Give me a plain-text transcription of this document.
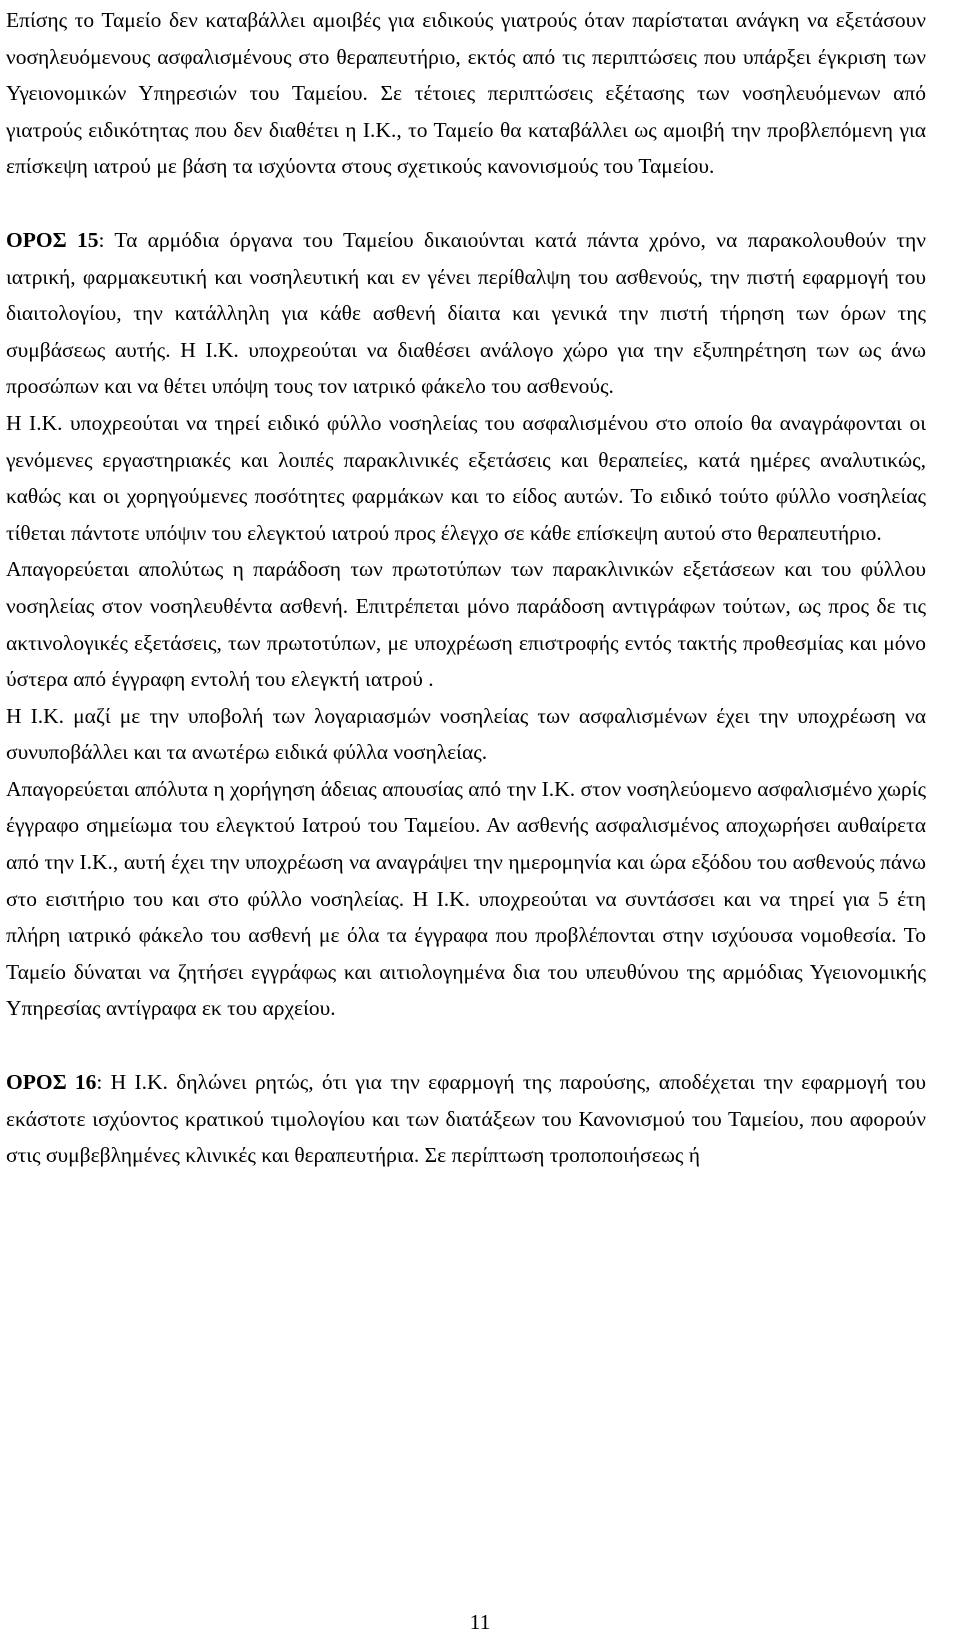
Επίσης το Ταμείο δεν καταβάλλει αμοιβές για ειδικούς γιατρούς όταν παρίσταται ανάγκη να εξετάσουν νοσηλευόμενους ασφαλισμένους στο θεραπευτήριο, εκτός από τις περιπτώσεις που υπάρξει έγκριση των Υγειονομικών Υπηρεσιών του Ταμείου. Σε τέτοιες περιπτώσεις εξέτασης των νοσηλευόμενων από γιατρούς ειδικότητας που δεν διαθέτει η Ι.Κ., το Ταμείο θα καταβάλλει ως αμοιβή την προβλεπόμενη για επίσκεψη ιατρού με βάση τα ισχύοντα στους σχετικούς κανονισμούς του Ταμείου.

ΟΡΟΣ 15: Τα αρμόδια όργανα του Ταμείου δικαιούνται κατά πάντα χρόνο, να παρακολουθούν την ιατρική, φαρμακευτική και νοσηλευτική και εν γένει περίθαλψη του ασθενούς, την πιστή εφαρμογή του διαιτολογίου, την κατάλληλη για κάθε ασθενή δίαιτα και γενικά την πιστή τήρηση των όρων της συμβάσεως αυτής. Η Ι.Κ. υποχρεούται να διαθέσει ανάλογο χώρο για την εξυπηρέτηση των ως άνω προσώπων και να θέτει υπόψη τους τον ιατρικό φάκελο του ασθενούς.

Η Ι.Κ. υποχρεούται να τηρεί ειδικό φύλλο νοσηλείας του ασφαλισμένου στο οποίο θα αναγράφονται οι γενόμενες εργαστηριακές και λοιπές παρακλινικές εξετάσεις και θεραπείες, κατά ημέρες αναλυτικώς, καθώς και οι χορηγούμενες ποσότητες φαρμάκων και το είδος αυτών. Το ειδικό τούτο φύλλο νοσηλείας τίθεται πάντοτε υπόψιν του ελεγκτού ιατρού προς έλεγχο σε κάθε επίσκεψη αυτού στο θεραπευτήριο.

Απαγορεύεται απολύτως η παράδοση των πρωτοτύπων των παρακλινικών εξετάσεων και του φύλλου νοσηλείας στον νοσηλευθέντα ασθενή. Επιτρέπεται μόνο παράδοση αντιγράφων τούτων, ως προς δε τις ακτινολογικές εξετάσεις, των πρωτοτύπων, με υποχρέωση επιστροφής εντός τακτής προθεσμίας και μόνο ύστερα από έγγραφη εντολή του ελεγκτή ιατρού .

Η Ι.Κ. μαζί με την υποβολή των λογαριασμών νοσηλείας των ασφαλισμένων έχει την υποχρέωση να συνυποβάλλει και τα ανωτέρω ειδικά φύλλα νοσηλείας.

Απαγορεύεται απόλυτα η χορήγηση άδειας απουσίας από την Ι.Κ. στον νοσηλεύομενο ασφαλισμένο χωρίς έγγραφο σημείωμα του ελεγκτού Ιατρού του Ταμείου. Αν ασθενής ασφαλισμένος αποχωρήσει αυθαίρετα από την Ι.Κ., αυτή έχει την υποχρέωση να αναγράψει την ημερομηνία και ώρα εξόδου του ασθενούς πάνω στο εισιτήριο του και στο φύλλο νοσηλείας. Η Ι.Κ. υποχρεούται να συντάσσει και να τηρεί για 5 έτη πλήρη ιατρικό φάκελο του ασθενή με όλα τα έγγραφα που προβλέπονται στην ισχύουσα νομοθεσία. Το Ταμείο δύναται να ζητήσει εγγράφως και αιτιολογημένα δια του υπευθύνου της αρμόδιας Υγειονομικής Υπηρεσίας αντίγραφα εκ του αρχείου.

ΟΡΟΣ 16: Η Ι.Κ. δηλώνει ρητώς, ότι για την εφαρμογή της παρούσης, αποδέχεται την εφαρμογή του εκάστοτε ισχύοντος κρατικού τιμολογίου και των διατάξεων του Κανονισμού του Ταμείου, που αφορούν στις συμβεβλημένες κλινικές και θεραπευτήρια. Σε περίπτωση τροποποιήσεως ή

11
